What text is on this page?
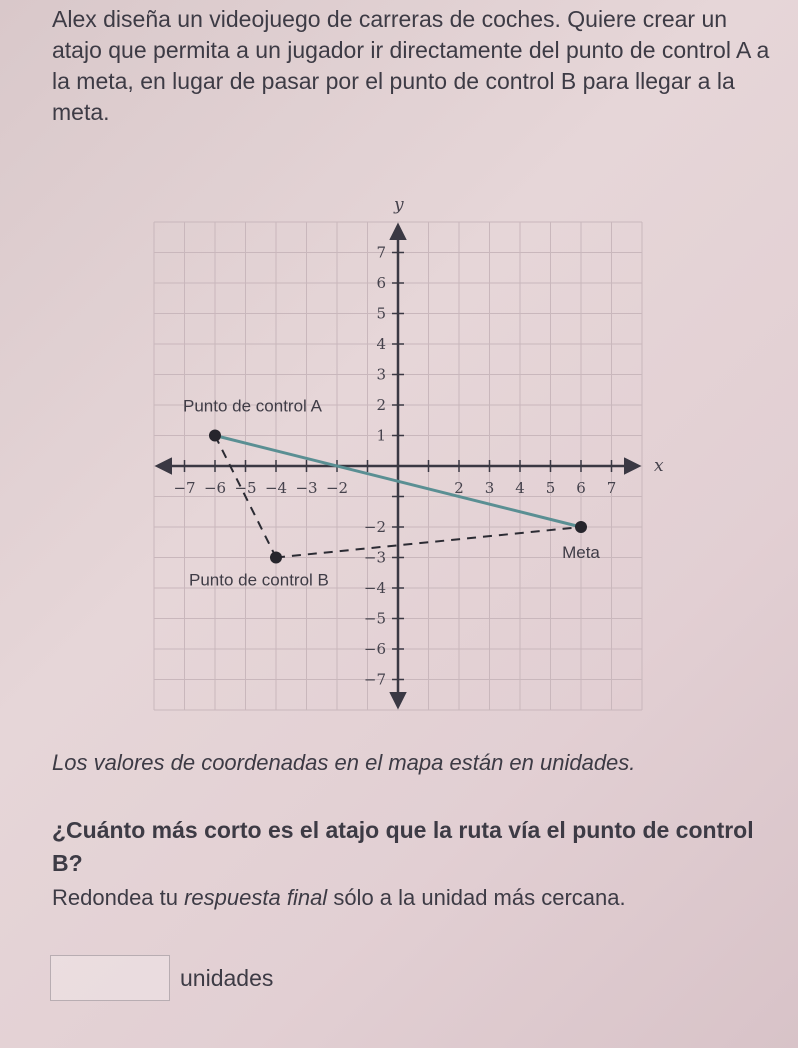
Alex diseña un videojuego de carreras de coches. Quiere crear un atajo que permita a un jugador ir directamente del punto de control A a la meta, en lugar de pasar por el punto de control B para llegar a la meta.
x
y
−7 −6 −5 −4 −3 −2	2 3 4 5 6 7
7
6
5
4
3
2
1
−2
−3
−4
−5
−6
−7
Punto de control A
Punto de control B
Meta
Los valores de coordenadas en el mapa están en unidades.
¿Cuánto más corto es el atajo que la ruta vía el punto de control B?
Redondea tu respuesta final sólo a la unidad más cercana.
unidades
